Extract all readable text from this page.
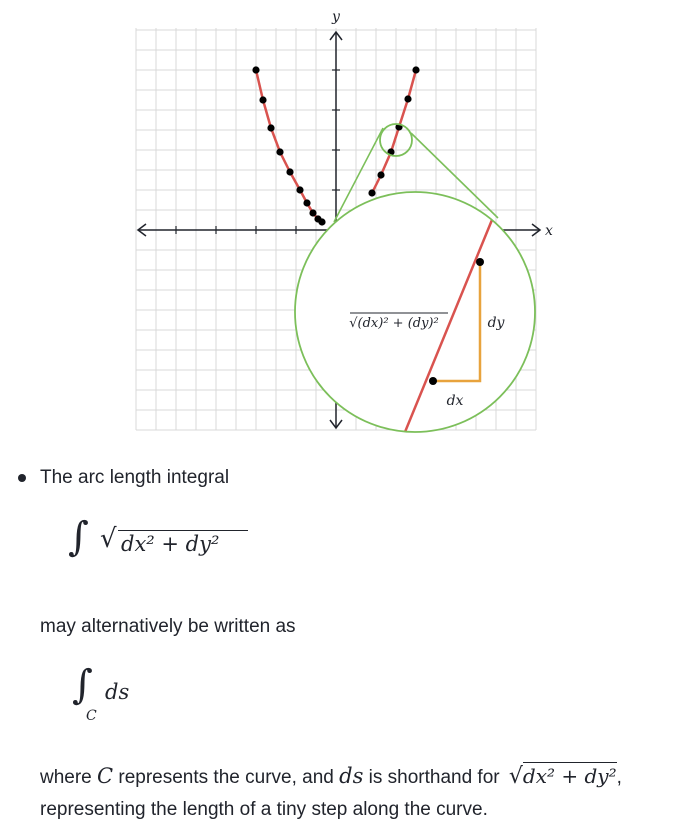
y
x
√(dx)² + (dy)²	dy
dx
The arc length integral
∫ √ dx² + dy²
may alternatively be written as
∫
C
ds
where C represents the curve, and ds is shorthand for √dx² + dy²,
representing the length of a tiny step along the curve.
